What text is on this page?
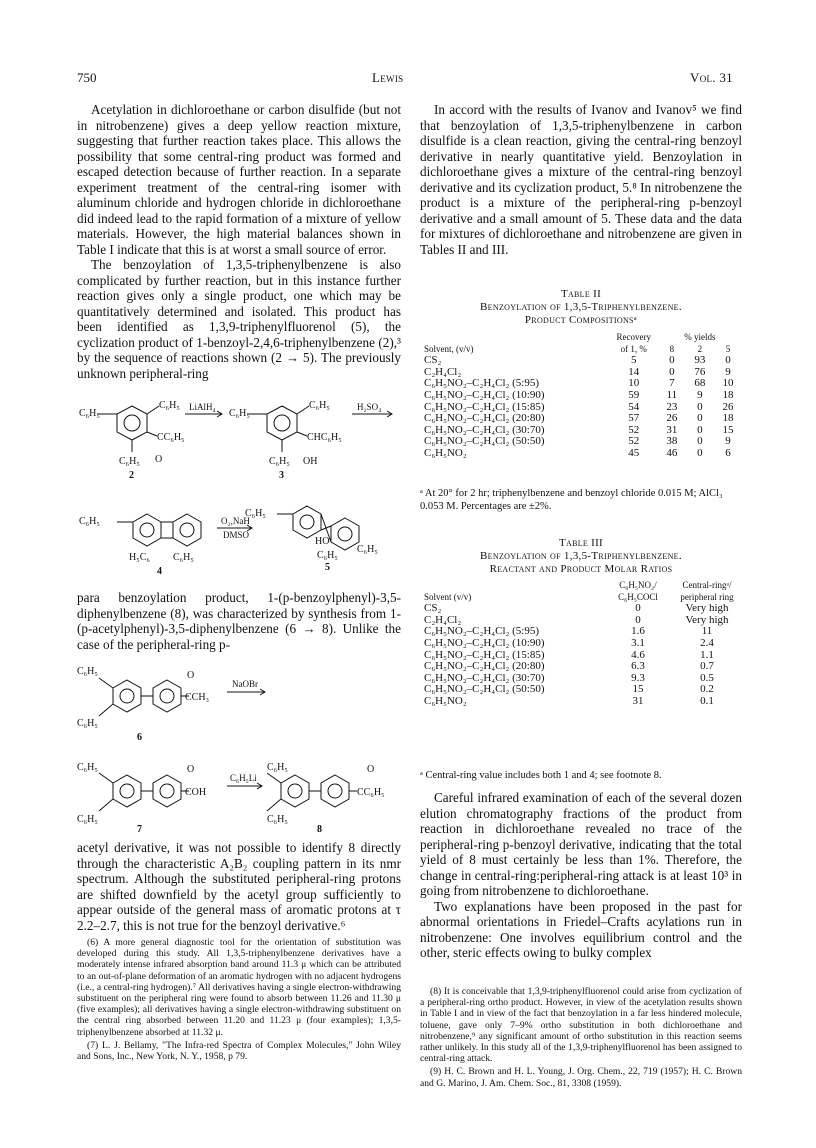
750	Lewis	Vol. 31

Acetylation in dichloroethane or carbon disulfide (but not in nitrobenzene) gives a deep yellow reaction mixture, suggesting that further reaction takes place. This allows the possibility that some central-ring product was formed and escaped detection because of further reaction. In a separate experiment treatment of the central-ring isomer with aluminum chloride and hydrogen chloride in dichloroethane did indeed lead to the rapid formation of a mixture of yellow materials. However, the high material balances shown in Table I indicate that this is at worst a small source of error.

The benzoylation of 1,3,5-triphenylbenzene is also complicated by further reaction, but in this instance further reaction gives only a single product, one which may be quantitatively determined and isolated. This product has been identified as 1,3,9-triphenylfluorenol (5), the cyclization product of 1-benzoyl-2,4,6-triphenylbenzene (2),³ by the sequence of reactions shown (2 → 5). The previously unknown peripheral-ring

C₆H₅
C₆H₅
CC₆H₅
O
C₆H₅
2
LiAlH₄
C₆H₅
C₆H₅
CHC₆H₅
C₆H₅ OH
3
H₂SO₄
C₆H₅
H₅C₆ C₆H₅
4
O₂,NaH
DMSO
C₆H₅
HO
C₆H₅
C₆H₅
5

para benzoylation product, 1-(p-benzoylphenyl)-3,5-diphenylbenzene (8), was characterized by synthesis from 1-(p-acetylphenyl)-3,5-diphenylbenzene (6 → 8). Unlike the case of the peripheral-ring p-

C₆H₅
C₆H₅
O
CCH₃
NaOBr
6
C₆H₅
C₆H₅
O
COH
C₆H₅Li
7
C₆H₅
C₆H₅
O
CC₆H₅
8

acetyl derivative, it was not possible to identify 8 directly through the characteristic A₂B₂ coupling pattern in its nmr spectrum. Although the substituted peripheral-ring protons are shifted downfield by the acetyl group sufficiently to appear outside of the general mass of aromatic protons at τ 2.2–2.7, this is not true for the benzoyl derivative.⁶

(6) A more general diagnostic tool for the orientation of substitution was developed during this study. All 1,3,5-triphenylbenzene derivatives have a moderately intense infrared absorption band around 11.3 μ which can be attributed to an out-of-plane deformation of an aromatic hydrogen with no adjacent hydrogens (i.e., a central-ring hydrogen).⁷ All derivatives having a single electron-withdrawing substituent on the peripheral ring were found to absorb between 11.26 and 11.30 μ (five examples); all derivatives having a single electron-withdrawing substituent on the central ring absorbed between 11.20 and 11.23 μ (four examples); 1,3,5-triphenylbenzene absorbed at 11.32 μ.

(7) L. J. Bellamy, "The Infra-red Spectra of Complex Molecules," John Wiley and Sons, Inc., New York, N. Y., 1958, p 79.

In accord with the results of Ivanov and Ivanov⁵ we find that benzoylation of 1,3,5-triphenylbenzene in carbon disulfide is a clean reaction, giving the central-ring benzoyl derivative in nearly quantitative yield. Benzoylation in dichloroethane gives a mixture of the central-ring benzoyl derivative and its cyclization product, 5.⁸ In nitrobenzene the product is a mixture of the peripheral-ring p-benzoyl derivative and a small amount of 5. These data and the data for mixtures of dichloroethane and nitrobenzene are given in Tables II and III.

Table II
Benzoylation of 1,3,5-Triphenylbenzene.
Product Compositionsᵃ
Solvent, (v/v)	Recovery of 1, %	% yields		
		8	2	5
CS₂	5	0	93	0
C₂H₄Cl₂	14	0	76	9
C₆H₅NO₂–C₂H₄Cl₂ (5:95)	10	7	68	10
C₆H₅NO₂–C₂H₄Cl₂ (10:90)	59	11	9	18
C₆H₅NO₂–C₂H₄Cl₂ (15:85)	54	23	0	26
C₆H₅NO₂–C₂H₄Cl₂ (20:80)	57	26	0	18
C₆H₅NO₂–C₂H₄Cl₂ (30:70)	52	31	0	15
C₆H₅NO₂–C₂H₄Cl₂ (50:50)	52	38	0	9
C₆H₅NO₂	45	46	0	6
ᵃ At 20° for 2 hr; triphenylbenzene and benzoyl chloride 0.015 M; AlCl₃ 0.053 M. Percentages are ±2%.
Table III
Benzoylation of 1,3,5-Triphenylbenzene.
Reactant and Product Molar Ratios
Solvent (v/v)	C₆H₅NO₂/ C₆H₅COCl	Central-ringᵃ/ peripheral ring
CS₂	0	Very high
C₂H₄Cl₂	0	Very high
C₆H₅NO₂–C₂H₄Cl₂ (5:95)	1.6	11
C₆H₅NO₂–C₂H₄Cl₂ (10:90)	3.1	2.4
C₆H₅NO₂–C₂H₄Cl₂ (15:85)	4.6	1.1
C₆H₅NO₂–C₂H₄Cl₂ (20:80)	6.3	0.7
C₆H₅NO₂–C₂H₄Cl₂ (30:70)	9.3	0.5
C₆H₅NO₂–C₂H₄Cl₂ (50:50)	15	0.2
C₆H₅NO₂	31	0.1
ᵃ Central-ring value includes both 1 and 4; see footnote 8.

Careful infrared examination of each of the several dozen elution chromatography fractions of the product from reaction in dichloroethane revealed no trace of the peripheral-ring p-benzoyl derivative, indicating that the total yield of 8 must certainly be less than 1%. Therefore, the change in central-ring:peripheral-ring attack is at least 10³ in going from nitrobenzene to dichloroethane.

Two explanations have been proposed in the past for abnormal orientations in Friedel–Crafts acylations run in nitrobenzene: One involves equilibrium control and the other, steric effects owing to bulky complex

(8) It is conceivable that 1,3,9-triphenylfluorenol could arise from cyclization of a peripheral-ring ortho product. However, in view of the acetylation results shown in Table I and in view of the fact that benzoylation in a far less hindered molecule, toluene, gave only 7–9% ortho substitution in both dichloroethane and nitrobenzene,⁹ any significant amount of ortho substitution in this reaction seems rather unlikely. In this study all of the 1,3,9-triphenylfluorenol has been assigned to central-ring attack.

(9) H. C. Brown and H. L. Young, J. Org. Chem., 22, 719 (1957); H. C. Brown and G. Marino, J. Am. Chem. Soc., 81, 3308 (1959).
